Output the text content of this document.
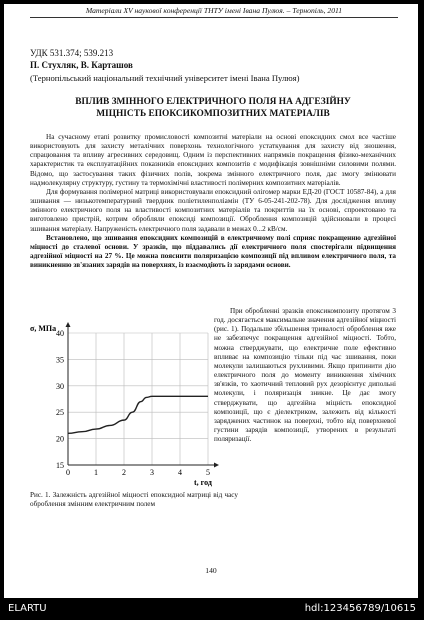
Матеріали XV наукової конференції ТНТУ імені Івана Пулюя. – Тернопіль, 2011
УДК 531.374; 539.213
П. Стухляк, В. Карташов
(Тернопільський національний технічний університет імені Івана Пулюя)
ВПЛИВ ЗМІННОГО ЕЛЕКТРИЧНОГО ПОЛЯ НА АДГЕЗІЙНУ
МІЦНІСТЬ ЕПОКСИКОМПОЗИТНИХ МАТЕРІАЛІВ

На сучасному етапі розвитку промисловості композитні матеріали на основі епоксидних смол все частіше використовують для захисту металічних поверхонь технологічного устаткування для захисту від зношення, спрацювання та впливу агресивних середовищ. Одним із перспективних напрямків покращення фізико-механічних характеристик та експлуатаційних показників епоксидних композитів є модифікація зовнішніми силовими полями. Відомо, що застосування таких фізичних полів, зокрема змінного електричного поля, дає змогу змінювати надмолекулярну структуру, густину та термохімічні властивості полімерних композитних матеріалів.

Для формування полімерної матриці використовували епоксидний олігомер марки ЕД-20 (ГОСТ 10587-84), а для зшивання — низькотемпературний твердник поліетиленполіамін (ТУ 6-05-241-202-78). Для дослідження впливу змінного електричного поля на властивості композитних матеріалів та покриттів на їх основі, спроектовано та виготовлено пристрій, котрим обробляли епоксиді композиції. Оброблення композицій здійснювали в процесі зшивання матеріалу. Напруженість електричного поля задавали в межах 0...2 кВ/см.

Встановлено, що зшивання епоксидних композицій в електричному полі сприяє покращенню адгезійної міцності до сталевої основи. У зразків, що піддавались дії електричного поля спостерігали підвищення адгезійної міцності на 27 %. Це можна пояснити поляризацією композиції під впливом електричного поля, та виникненню зв'язаних зарядів на поверхнях, із взаємодіють із зарядами основи.

0	1	2	3	4	5
15
20
25
30
35
40
σ, МПа
t, год

При обробленні зразків епоксикомпозиту протягом 3 год. досягається максимальне значення адгезійної міцності (рис. 1). Подальше збільшення тривалості оброблення вже не забезпечує покращення адгезійної міцності. Тобто, можна стверджувати, що електричне поле ефективно впливає на композицію тільки під час зшивання, поки молекули залишаються рухливими. Якщо припинити дію електричного поля до моменту виникнення хімічних зв'язків, то хаотичний тепловий рух дезорієнтує дипольні молекули, і поляризація зникне. Це дає змогу стверджувати, що адгезійна міцність епоксидної композиції, що є діелектриком, залежить від кількості заряджених частинок на поверхні, тобто від поверхневої густини зарядів композиції, утворених в результаті поляризації.

Рис. 1. Залежність адгезійної міцності епоксидної матриці від часу оброблення змінним електричним полем
140
ELARTU	hdl:123456789/10615
